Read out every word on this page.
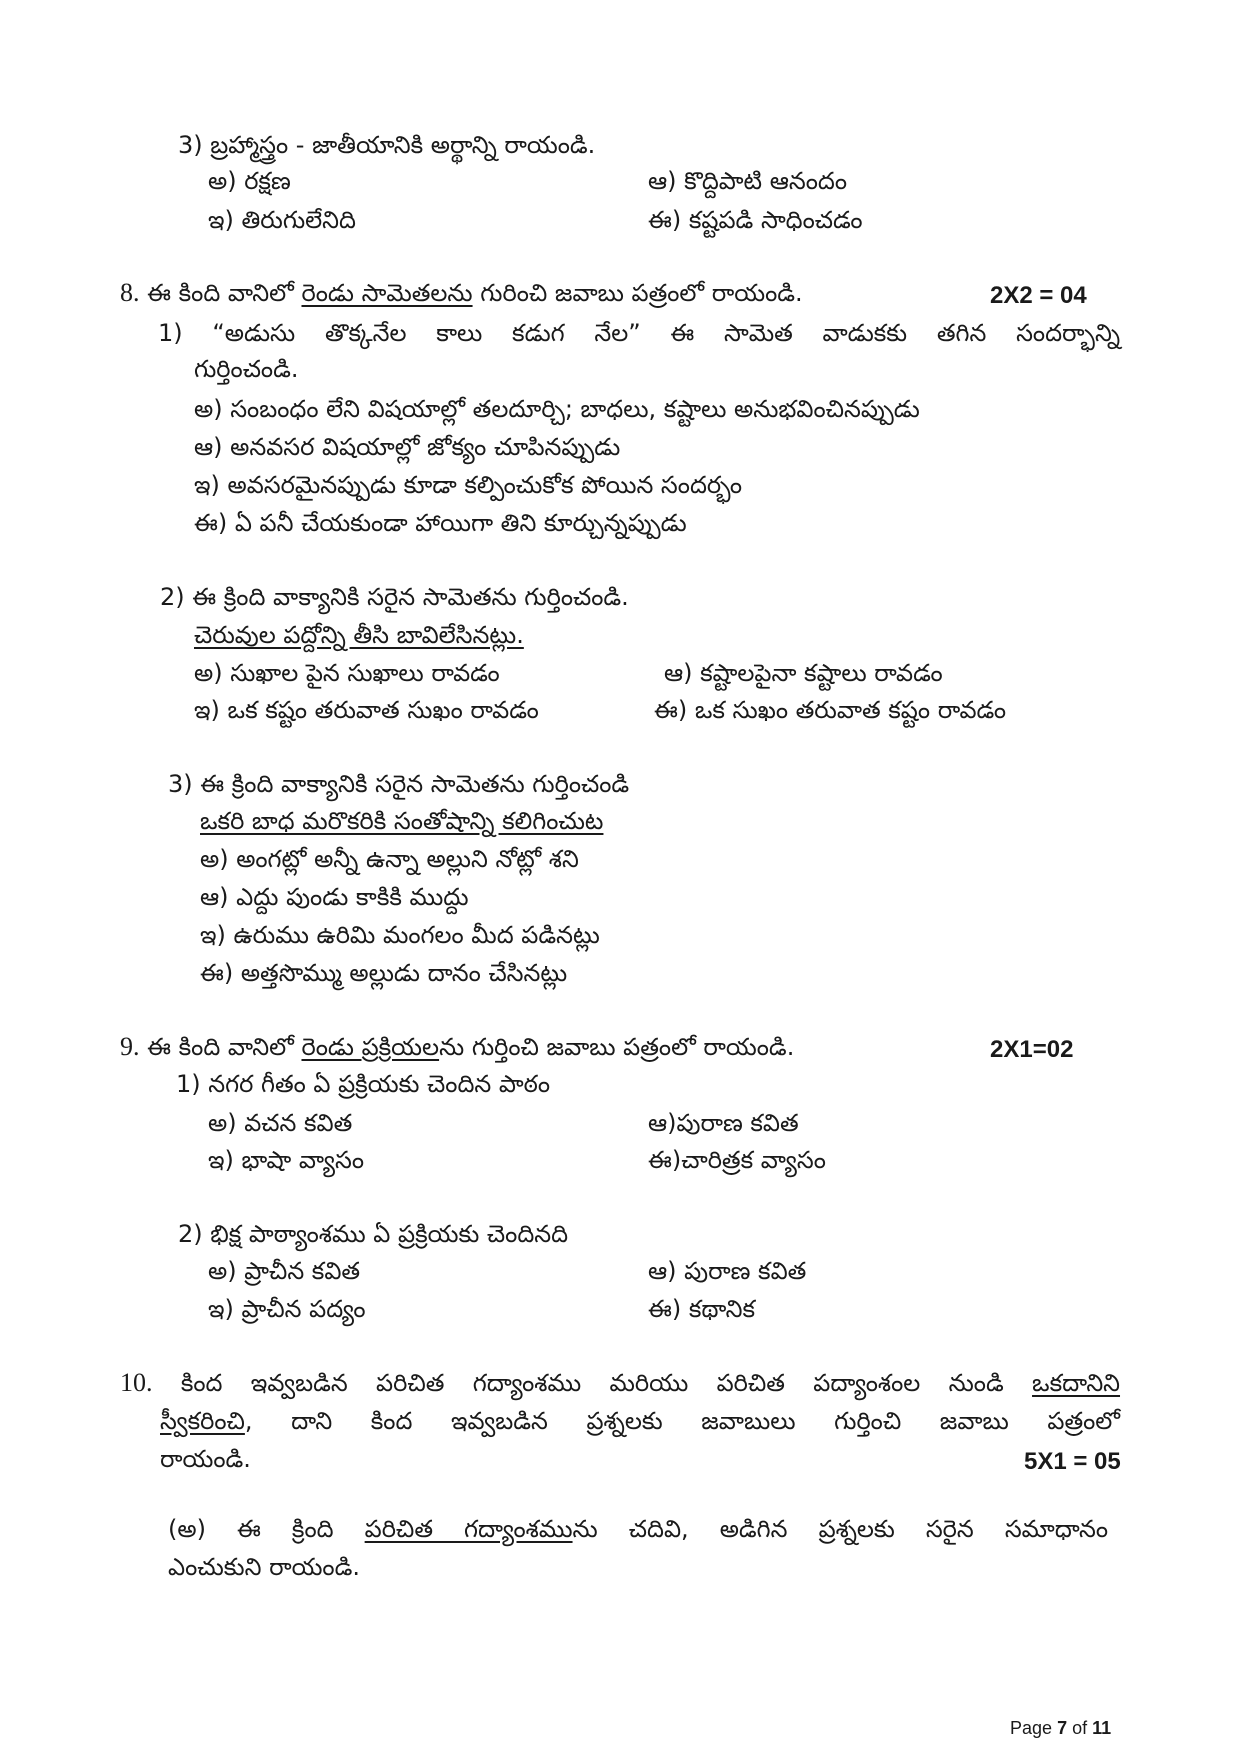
3) బ్రహ్మాస్త్రం - జాతీయానికి అర్థాన్ని రాయండి.
అ) రక్షణ	ఆ) కొద్దిపాటి ఆనందం
ఇ) తిరుగులేనిది	ఈ) కష్టపడి సాధించడం
8. ఈ కింది వానిలో రెండు సామెతలను గురించి జవాబు పత్రంలో రాయండి.	2X2 = 04
1) “అడుసు తొక్కనేల కాలు కడుగ నేల” ఈ సామెత వాడుకకు తగిన సందర్భాన్ని
గుర్తించండి.
అ) సంబంధం లేని విషయాల్లో తలదూర్చి; బాధలు, కష్టాలు అనుభవించినప్పుడు
ఆ) అనవసర విషయాల్లో జోక్యం చూపినప్పుడు
ఇ) అవసరమైనప్పుడు కూడా కల్పించుకోక పోయిన సందర్భం
ఈ) ఏ పనీ చేయకుండా హాయిగా తిని కూర్చున్నప్పుడు
2) ఈ క్రింది వాక్యానికి సరైన సామెతను గుర్తించండి.
చెరువుల పద్దోన్ని తీసి బావిలేసినట్లు.
అ) సుఖాల పైన సుఖాలు రావడం	ఆ) కష్టాలపైనా కష్టాలు రావడం
ఇ) ఒక కష్టం తరువాత సుఖం రావడం	ఈ) ఒక సుఖం తరువాత కష్టం రావడం
3) ఈ క్రింది వాక్యానికి సరైన సామెతను గుర్తించండి
ఒకరి బాధ మరొకరికి సంతోషాన్ని కలిగించుట
అ) అంగట్లో అన్నీ ఉన్నా అల్లుని నోట్లో శని
ఆ) ఎద్దు పుండు కాకికి ముద్దు
ఇ) ఉరుము ఉరిమి మంగలం మీద పడినట్లు
ఈ) అత్తసొమ్ము అల్లుడు దానం చేసినట్లు
9. ఈ కింది వానిలో రెండు ప్రక్రియలను గుర్తించి జవాబు పత్రంలో రాయండి.	2X1=02
1) నగర గీతం ఏ ప్రక్రియకు చెందిన పాఠం
అ) వచన కవిత	ఆ)పురాణ కవిత
ఇ) భాషా వ్యాసం	ఈ)చారిత్రక వ్యాసం
2) భిక్ష పాఠ్యాంశము ఏ ప్రక్రియకు చెందినది
అ) ప్రాచీన కవిత	ఆ) పురాణ కవిత
ఇ) ప్రాచీన పద్యం	ఈ) కథానిక
10. కింద ఇవ్వబడిన పరిచిత గద్యాంశము మరియు పరిచిత పద్యాంశంల నుండి ఒకదానిని
స్వీకరించి, దాని కింద ఇవ్వబడిన ప్రశ్నలకు జవాబులు గుర్తించి జవాబు పత్రంలో
రాయండి.	5X1 = 05
(అ) ఈ క్రింది పరిచిత గద్యాంశమును చదివి, అడిగిన ప్రశ్నలకు సరైన సమాధానం
ఎంచుకుని రాయండి.
Page 7 of 11
